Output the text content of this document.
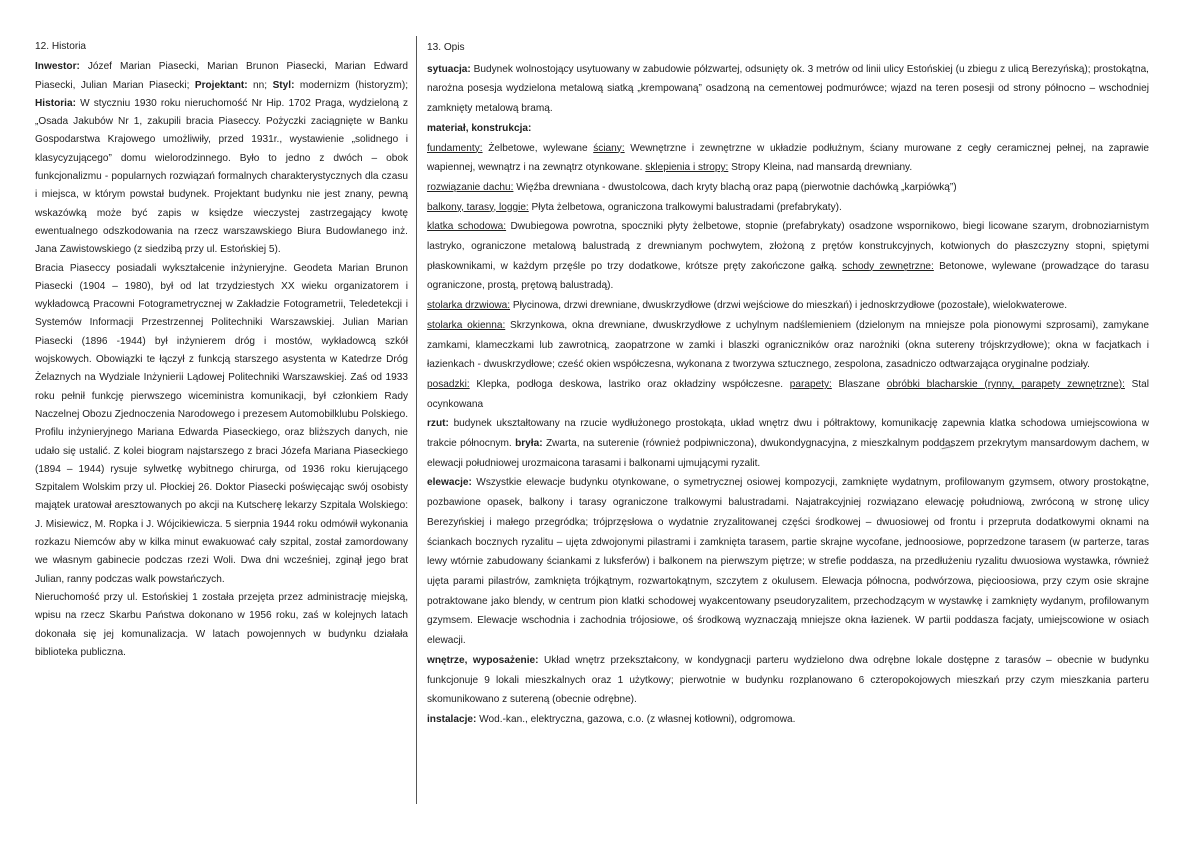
12. Historia

Inwestor: Józef Marian Piasecki, Marian Brunon Piasecki, Marian Edward Piasecki, Julian Marian Piasecki; Projektant: nn; Styl: modernizm (historyzm); Historia: W styczniu 1930 roku nieruchomość Nr Hip. 1702 Praga, wydzieloną z „Osada Jakubów Nr 1, zakupili bracia Piaseccy. Pożyczki zaciągnięte w Banku Gospodarstwa Krajowego umożliwiły, przed 1931r., wystawienie „solidnego i klasycyzującego” domu wielorodzinnego. Było to jedno z dwóch – obok funkcjonalizmu - popularnych rozwiązań formalnych charakterystycznych dla czasu i miejsca, w którym powstał budynek. Projektant budynku nie jest znany, pewną wskazówką może być zapis w księdze wieczystej zastrzegający kwotę ewentualnego odszkodowania na rzecz warszawskiego Biura Budowlanego inż. Jana Zawistowskiego (z siedzibą przy ul. Estońskiej 5).

Bracia Piaseccy posiadali wykształcenie inżynieryjne. Geodeta Marian Brunon Piasecki (1904 – 1980), był od lat trzydziestych XX wieku organizatorem i wykładowcą Pracowni Fotogrametrycznej w Zakładzie Fotogrametrii, Teledetekcji i Systemów Informacji Przestrzennej Politechniki Warszawskiej. Julian Marian Piasecki (1896 -1944) był inżynierem dróg i mostów, wykładowcą szkół wojskowych. Obowiązki te łączył z funkcją starszego asystenta w Katedrze Dróg Żelaznych na Wydziale Inżynierii Lądowej Politechniki Warszawskiej. Zaś od 1933 roku pełnił funkcję pierwszego wiceministra komunikacji, był członkiem Rady Naczelnej Obozu Zjednoczenia Narodowego i prezesem Automobilklubu Polskiego. Profilu inżynieryjnego Mariana Edwarda Piaseckiego, oraz bliższych danych, nie udało się ustalić. Z kolei biogram najstarszego z braci Józefa Mariana Piaseckiego (1894 – 1944) rysuje sylwetkę wybitnego chirurga, od 1936 roku kierującego Szpitalem Wolskim przy ul. Płockiej 26. Doktor Piasecki poświęcając swój osobisty majątek uratował aresztowanych po akcji na Kutscherę lekarzy Szpitala Wolskiego: J. Misiewicz, M. Ropka i J. Wójcikiewicza. 5 sierpnia 1944 roku odmówił wykonania rozkazu Niemców aby w kilka minut ewakuować cały szpital, został zamordowany we własnym gabinecie podczas rzezi Woli. Dwa dni wcześniej, zginął jego brat Julian, ranny podczas walk powstańczych.

Nieruchomość przy ul. Estońskiej 1 została przejęta przez administrację miejską, wpisu na rzecz Skarbu Państwa dokonano w 1956 roku, zaś w kolejnych latach dokonała się jej komunalizacja. W latach powojennych w budynku działała biblioteka publiczna.

13. Opis

sytuacja: Budynek wolnostojący usytuowany w zabudowie półzwartej, odsunięty ok. 3 metrów od linii ulicy Estońskiej (u zbiegu z ulicą Berezyńską); prostokątna, narożna posesja wydzielona metalową siatką „krempowaną” osadzoną na cementowej podmurówce; wjazd na teren posesji od strony północno – wschodniej zamknięty metalową bramą.

materiał, konstrukcja:

fundamenty: Żelbetowe, wylewane ściany: Wewnętrzne i zewnętrzne w układzie podłużnym, ściany murowane z cegły ceramicznej pełnej, na zaprawie wapiennej, wewnątrz i na zewnątrz otynkowane. sklepienia i stropy: Stropy Kleina, nad mansardą drewniany.

rozwiązanie dachu: Więźba drewniana - dwustolcowa, dach kryty blachą oraz papą (pierwotnie dachówką „karpiówką”)

balkony, tarasy, loggie: Płyta żelbetowa, ograniczona tralkowymi balustradami (prefabrykaty).

klatka schodowa: Dwubiegowa powrotna, spoczniki płyty żelbetowe, stopnie (prefabrykaty) osadzone wspornikowo, biegi licowane szarym, drobnoziarnistym lastryko, ograniczone metalową balustradą z drewnianym pochwytem, złożoną z prętów konstrukcyjnych, kotwionych do płaszczyzny stopni, spiętymi płaskownikami, w każdym przęśle po trzy dodatkowe, krótsze pręty zakończone gałką. schody zewnętrzne: Betonowe, wylewane (prowadzące do tarasu ograniczone, prostą, prętową balustradą).

stolarka drzwiowa: Płycinowa, drzwi drewniane, dwuskrzydłowe (drzwi wejściowe do mieszkań) i jednoskrzydłowe (pozostałe), wielokwaterowe.

stolarka okienna: Skrzynkowa, okna drewniane, dwuskrzydłowe z uchylnym nadślemieniem (dzielonym na mniejsze pola pionowymi szprosami), zamykane zamkami, klameczkami lub zawrotnicą, zaopatrzone w zamki i blaszki ograniczników oraz narożniki (okna sutereny trójskrzydłowe); okna w facjatkach i łazienkach - dwuskrzydłowe; cześć okien współczesna, wykonana z tworzywa sztucznego, zespolona, zasadniczo odtwarzająca oryginalne podziały.

posadzki: Klepka, podłoga deskowa, lastriko oraz okładziny współczesne. parapety: Blaszane obróbki blacharskie (rynny, parapety zewnętrzne): Stal ocynkowana

rzut: budynek ukształtowany na rzucie wydłużonego prostokąta, układ wnętrz dwu i półtraktowy, komunikację zapewnia klatka schodowa umiejscowiona w trakcie północnym. bryła: Zwarta, na suterenie (również podpiwniczona), dwukondygnacyjna, z mieszkalnym poddaszem przekrytym mansardowym dachem, w elewacji południowej urozmaicona tarasami i balkonami ujmującymi ryzalit.

elewacje: Wszystkie elewacje budynku otynkowane, o symetrycznej osiowej kompozycji, zamknięte wydatnym, profilowanym gzymsem, otwory prostokątne, pozbawione opasek, balkony i tarasy ograniczone tralkowymi balustradami. Najatrakcyjniej rozwiązano elewację południową, zwróconą w stronę ulicy Berezyńskiej i małego przegródka; trójprzęsłowa o wydatnie zryzalitowanej części środkowej – dwuosiowej od frontu i przepruta dodatkowymi oknami na ściankach bocznych ryzalitu – ujęta zdwojonymi pilastrami i zamknięta tarasem, partie skrajne wycofane, jednoosiowe, poprzedzone tarasem (w parterze, taras lewy wtórnie zabudowany ściankami z luksferów) i balkonem na pierwszym piętrze; w strefie poddasza, na przedłużeniu ryzalitu dwuosiowa wystawka, również ujęta parami pilastrów, zamknięta trójkątnym, rozwartokątnym, szczytem z okulusem. Elewacja północna, podwórzowa, pięcioosiowa, przy czym osie skrajne potraktowane jako blendy, w centrum pion klatki schodowej wyakcentowany pseudoryzalitem, przechodzącym w wystawkę i zamknięty wydanym, profilowanym gzymsem. Elewacje wschodnia i zachodnia trójosiowe, oś środkową wyznaczają mniejsze okna łazienek. W partii poddasza facjaty, umiejscowione w osiach elewacji.

wnętrze, wyposażenie: Układ wnętrz przekształcony, w kondygnacji parteru wydzielono dwa odrębne lokale dostępne z tarasów – obecnie w budynku funkcjonuje 9 lokali mieszkalnych oraz 1 użytkowy; pierwotnie w budynku rozplanowano 6 czteropokojowych mieszkań przy czym mieszkania parteru skomunikowano z sutereną (obecnie odrębne).

instalacje: Wod.-kan., elektryczna, gazowa, c.o. (z własnej kotłowni), odgromowa.
